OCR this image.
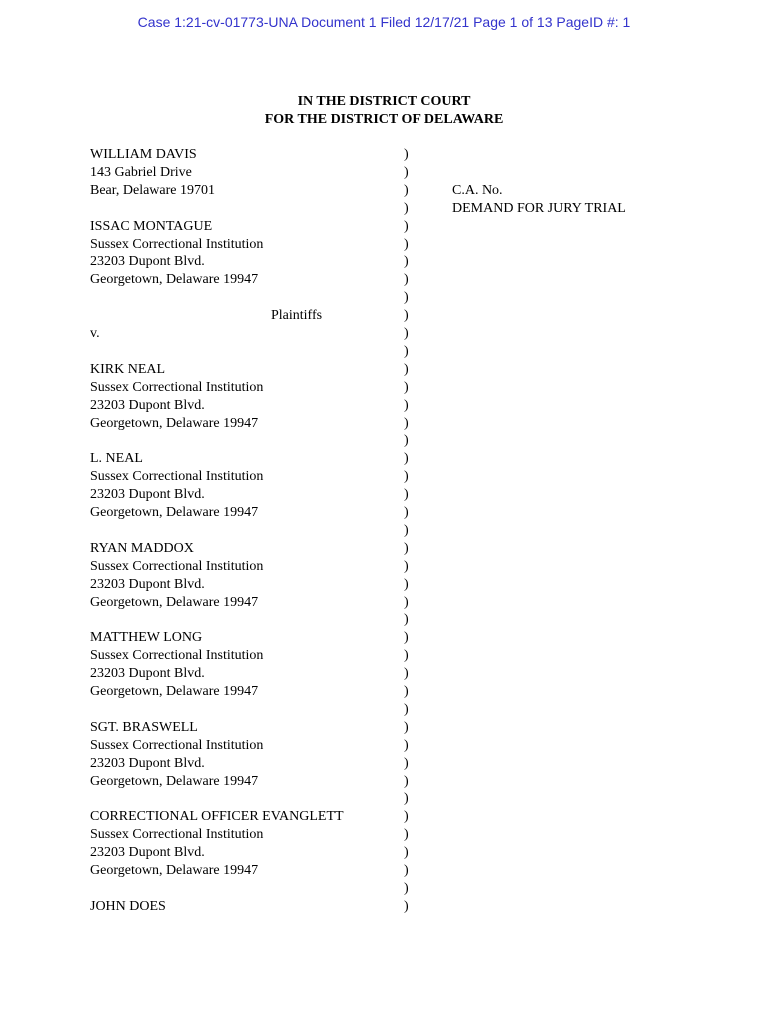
Case 1:21-cv-01773-UNA Document 1 Filed 12/17/21 Page 1 of 13 PageID #: 1
IN THE DISTRICT COURT
FOR THE DISTRICT OF DELAWARE
C.A. No.
DEMAND FOR JURY TRIAL
)
WILLIAM DAVIS
)
143 Gabriel Drive
)
Bear, Delaware 19701
)
)
ISSAC MONTAGUE
)
Sussex Correctional Institution
)
23203 Dupont Blvd.
)
Georgetown, Delaware 19947
)
)
Plaintiffs
)
v.
)
)
KIRK NEAL
)
Sussex Correctional Institution
)
23203 Dupont Blvd.
)
Georgetown, Delaware 19947
)
)
L. NEAL
)
Sussex Correctional Institution
)
23203 Dupont Blvd.
)
Georgetown, Delaware 19947
)
)
RYAN MADDOX
)
Sussex Correctional Institution
)
23203 Dupont Blvd.
)
Georgetown, Delaware 19947
)
)
MATTHEW LONG
)
Sussex Correctional Institution
)
23203 Dupont Blvd.
)
Georgetown, Delaware 19947
)
)
SGT. BRASWELL
)
Sussex Correctional Institution
)
23203 Dupont Blvd.
)
Georgetown, Delaware 19947
)
)
CORRECTIONAL OFFICER EVANGLETT
)
Sussex Correctional Institution
)
23203 Dupont Blvd.
)
Georgetown, Delaware 19947
)
)
JOHN DOES
